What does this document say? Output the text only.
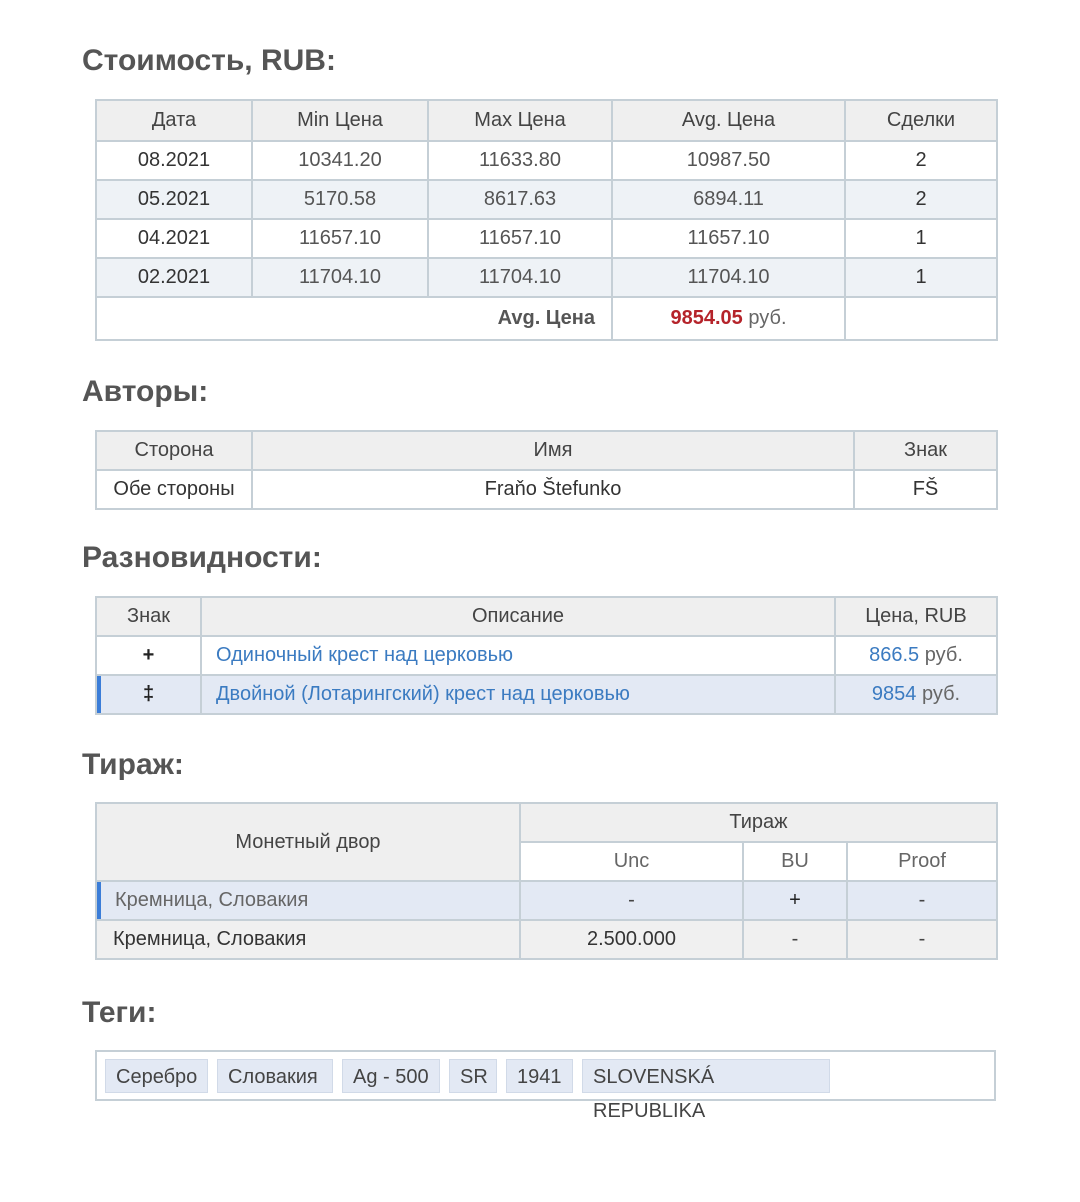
Стоимость, RUB:
Дата	Min Цена	Max Цена	Avg. Цена	Сделки
08.2021	10341.20	11633.80	10987.50	2
05.2021	5170.58	8617.63	6894.11	2
04.2021	11657.10	11657.10	11657.10	1
02.2021	11704.10	11704.10	11704.10	1
Avg. Цена			9854.05 руб.	
Авторы:
Сторона	Имя	Знак
Обе стороны	Fraňo Štefunko	FŠ
Разновидности:
Знак	Описание	Цена, RUB
+	Одиночный крест над церковью	866.5 руб.
‡	Двойной (Лотарингский) крест над церковью	9854 руб.
Тираж:
Монетный двор	Тираж		
	Unc	BU	Proof
Кремница, Словакия	-	+	-
Кремница, Словакия	2.500.000	-	-
Теги:
Серебро	Словакия	Ag - 500	SR	1941	SLOVENSKÁ REPUBLIKA
